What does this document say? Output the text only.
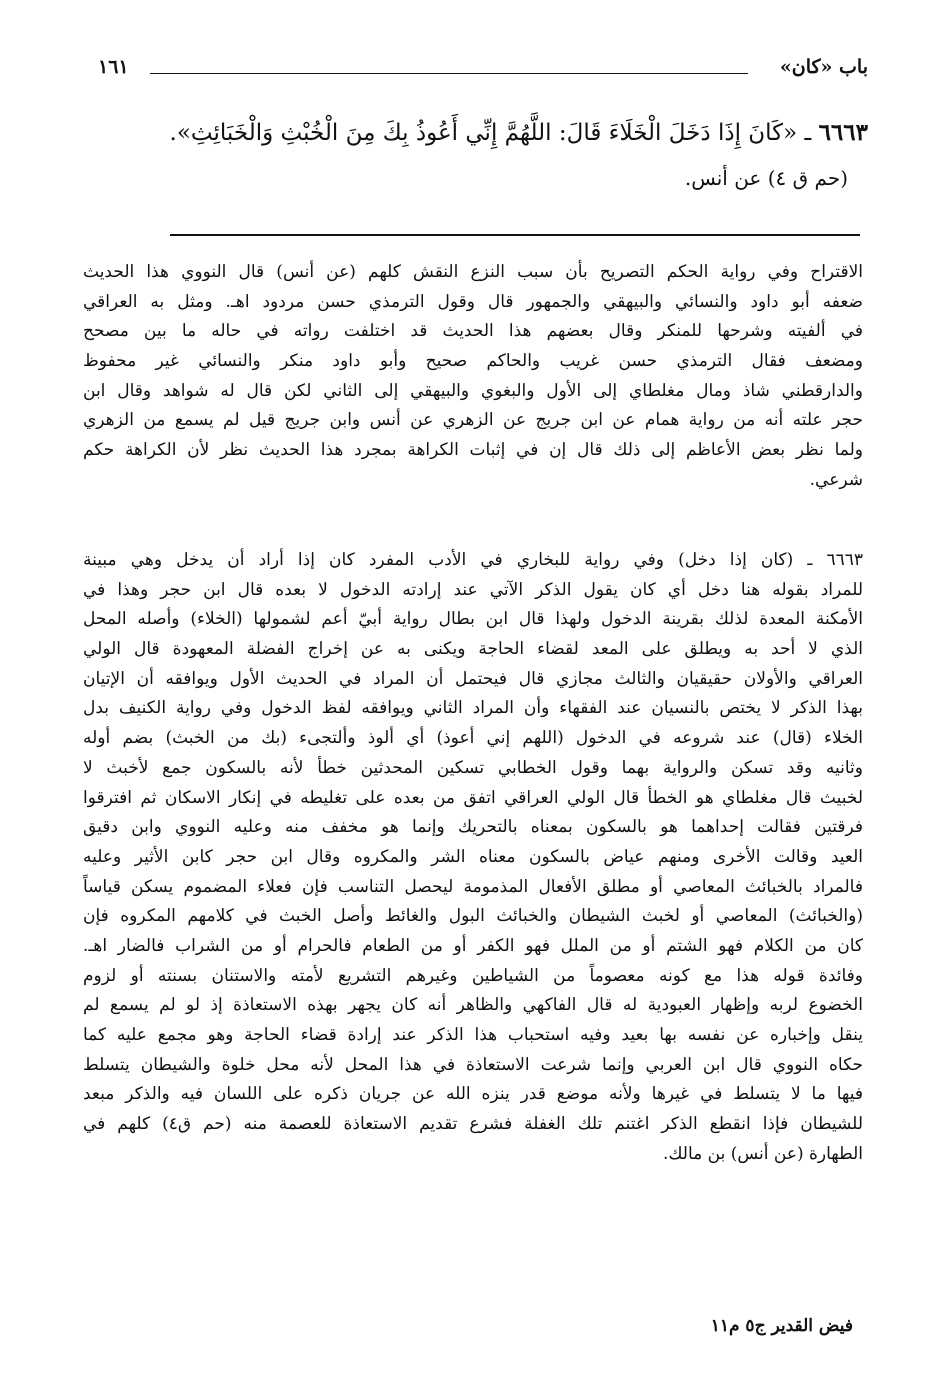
باب «كان»
١٦١
٦٦٦٣ ـ «كَانَ إِذَا دَخَلَ الْخَلَاءَ قَالَ: اللَّهُمَّ إِنِّي أَعُوذُ بِكَ مِنَ الْخُبْثِ وَالْخَبَائِثِ».
(حم ق ٤) عن أنس.
الاقتراح وفي رواية الحكم التصريح بأن سبب النزع النقش كلهم (عن أنس) قال النووي هذا الحديث
ضعفه أبو داود والنسائي والبيهقي والجمهور قال وقول الترمذي حسن مردود اهـ. ومثل به العراقي
في ألفيته وشرحها للمنكر وقال بعضهم هذا الحديث قد اختلفت رواته في حاله ما بين مصحح
ومضعف فقال الترمذي حسن غريب والحاكم صحيح وأبو داود منكر والنسائي غير محفوظ
والدارقطني شاذ ومال مغلطاي إلى الأول والبغوي والبيهقي إلى الثاني لكن قال له شواهد وقال ابن
حجر علته أنه من رواية همام عن ابن جريج عن الزهري عن أنس وابن جريج قيل لم يسمع من الزهري
ولما نظر بعض الأعاظم إلى ذلك قال إن في إثبات الكراهة بمجرد هذا الحديث نظر لأن الكراهة حكم
شرعي.
٦٦٦٣ ـ (كان إذا دخل) وفي رواية للبخاري في الأدب المفرد كان إذا أراد أن يدخل وهي مبينة
للمراد بقوله هنا دخل أي كان يقول الذكر الآتي عند إرادته الدخول لا بعده قال ابن حجر وهذا في
الأمكنة المعدة لذلك بقرينة الدخول ولهذا قال ابن بطال رواية أبيّ أعم لشمولها (الخلاء) وأصله المحل
الذي لا أحد به ويطلق على المعد لقضاء الحاجة ويكنى به عن إخراج الفضلة المعهودة قال الولي
العراقي والأولان حقيقيان والثالث مجازي قال فيحتمل أن المراد في الحديث الأول ويوافقه أن الإتيان
بهذا الذكر لا يختص بالنسيان عند الفقهاء وأن المراد الثاني ويوافقه لفظ الدخول وفي رواية الكنيف بدل
الخلاء (قال) عند شروعه في الدخول (اللهم إني أعوذ) أي ألوذ وألتجىء (بك من الخبث) بضم أوله
وثانيه وقد تسكن والرواية بهما وقول الخطابي تسكين المحدثين خطأ لأنه بالسكون جمع لأخبث لا
لخبيث قال مغلطاي هو الخطأ قال الولي العراقي اتفق من بعده على تغليطه في إنكار الاسكان ثم افترقوا
فرقتين فقالت إحداهما هو بالسكون بمعناه بالتحريك وإنما هو مخفف منه وعليه النووي وابن دقيق
العيد وقالت الأخرى ومنهم عياض بالسكون معناه الشر والمكروه وقال ابن حجر كابن الأثير وعليه
فالمراد بالخبائث المعاصي أو مطلق الأفعال المذمومة ليحصل التناسب فإن فعلاء المضموم يسكن قياساً
(والخبائث) المعاصي أو لخبث الشيطان والخبائث البول والغائط وأصل الخبث في كلامهم المكروه فإن
كان من الكلام فهو الشتم أو من الملل فهو الكفر أو من الطعام فالحرام أو من الشراب فالضار اهـ.
وفائدة قوله هذا مع كونه معصوماً من الشياطين وغيرهم التشريع لأمته والاستنان بسنته أو لزوم
الخضوع لربه وإظهار العبودية له قال الفاكهي والظاهر أنه كان يجهر بهذه الاستعاذة إذ لو لم يسمع لم
ينقل وإخباره عن نفسه بها بعيد وفيه استحباب هذا الذكر عند إرادة قضاء الحاجة وهو مجمع عليه كما
حكاه النووي قال ابن العربي وإنما شرعت الاستعاذة في هذا المحل لأنه محل خلوة والشيطان يتسلط
فيها ما لا يتسلط في غيرها ولأنه موضع قدر ينزه الله عن جريان ذكره على اللسان فيه والذكر مبعد
للشيطان فإذا انقطع الذكر اغتنم تلك الغفلة فشرع تقديم الاستعاذة للعصمة منه (حم ق٤) كلهم في
الطهارة (عن أنس) بن مالك.
فيض القدير ج٥ م١١
